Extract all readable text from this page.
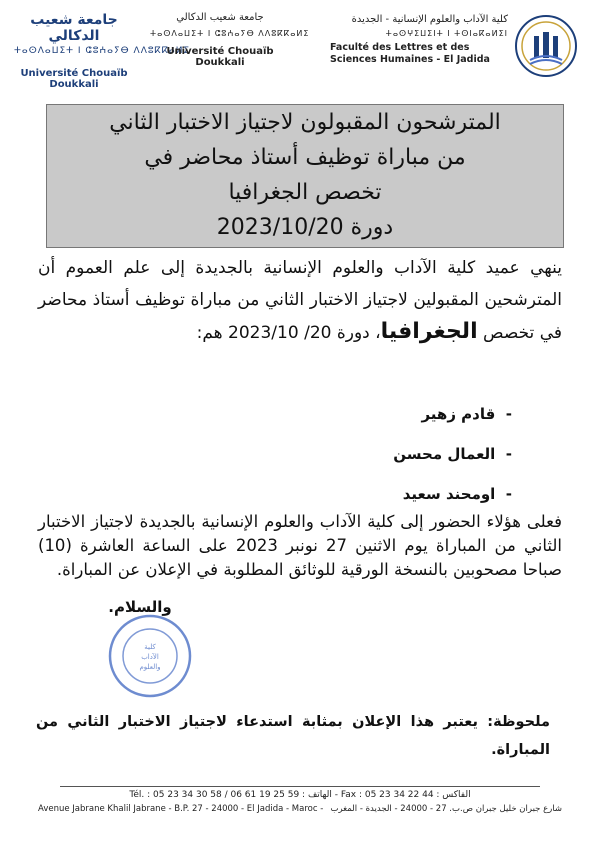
جامعة شعيب الدكالي
ⵜⴰⵙⴷⴰⵡⵉⵜ ⵏ ⵛⵓⵄⴰⵢⴱ ⴷⴷⵓⴽⴽⴰⵍⵉ
Université Chouaïb Doukkali
جامعة شعيب الدكالي
ⵜⴰⵙⴷⴰⵡⵉⵜ ⵏ ⵛⵓⵄⴰⵢⴱ ⴷⴷⵓⴽⴽⴰⵍⵉ
Université Chouaïb Doukkali
كلية الآداب والعلوم الإنسانية - الجديدة
ⵜⴰⵙⵖⵉⵡⵉⵏⵜ ⵏ ⵜⵙⵏⴰⴽⴰⵍⵉⵏ
Faculté des Lettres et des
Sciences Humaines - El Jadida
المترشحون المقبولون لاجتياز الاختبار الثاني
من مباراة توظيف أستاذ محاضر في
تخصص الجغرافيا
دورة 2023/10/20
ينهي عميد كلية الآداب والعلوم الإنسانية بالجديدة إلى علم العموم أن المترشحين المقبولين لاجتياز الاختبار الثاني من مباراة توظيف أستاذ محاضر في تخصص الجغرافيا، دورة 20/ 2023/10 هم:
-  قادم زهير
-  العمال محسن
-  اومحند سعيد
فعلى هؤلاء الحضور إلى كلية الآداب والعلوم الإنسانية بالجديدة لاجتياز الاختبار الثاني من المباراة يوم الاثنين 27 نونبر 2023 على الساعة العاشرة (10) صباحا مصحوبين بالنسخة الورقية للوثائق المطلوبة في الإعلان عن المباراة.
والسلام.
كلية
الآداب
والعلوم
ملحوظة: يعتبر هذا الإعلان بمثابة استدعاء لاجتياز الاختبار الثاني من المباراة.
Tél. : 05 23 34 30 58 / 06 61 19 25 59 : الهاتف - Fax : 05 23 34 22 44 : الفاكس
Avenue Jabrane Khalil Jabrane - B.P. 27 - 24000 - El Jadida - Maroc - شارع جبران خليل جبران ص.ب. 27 - 24000 - الجديدة - المغرب
